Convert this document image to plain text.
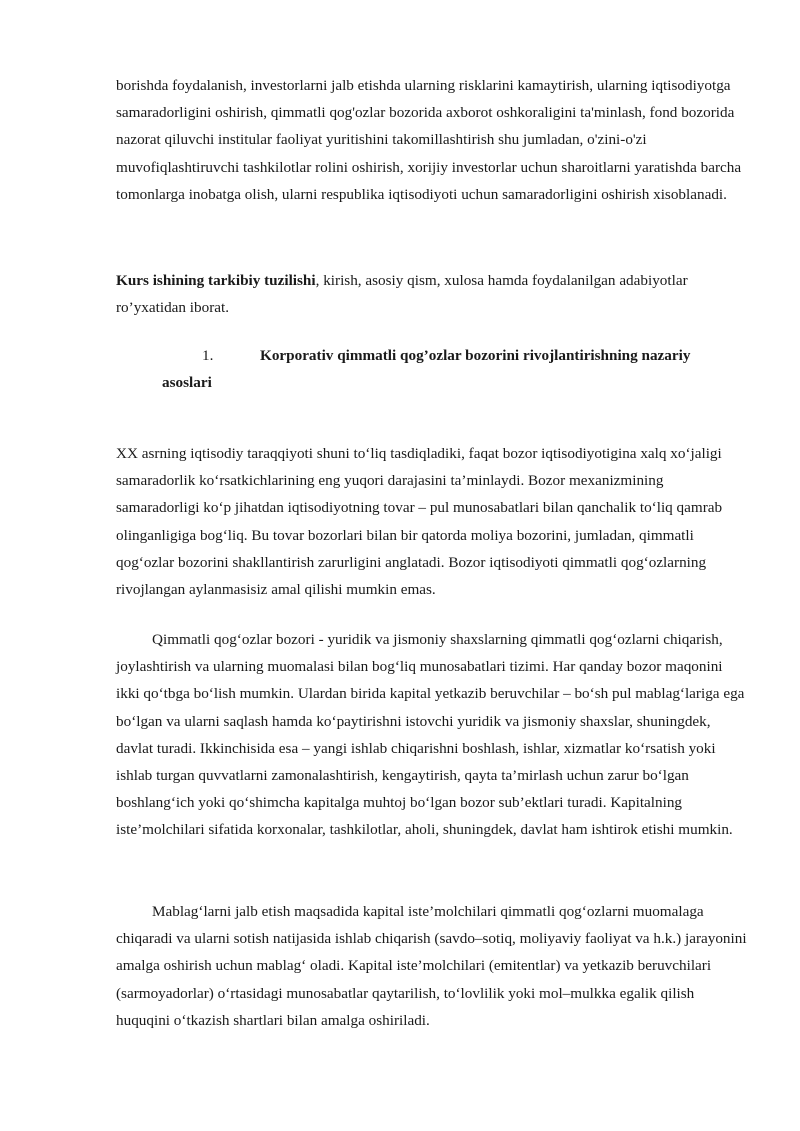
borishda foydalanish, investorlarni jalb etishda ularning risklarini kamaytirish, ularning iqtisodiyotga samaradorligini oshirish, qimmatli qog'ozlar bozorida axborot oshkoraligini ta'minlash, fond bozorida nazorat qiluvchi institular faoliyat yuritishini takomillashtirish shu jumladan, o'zini-o'zi muvofiqlashtiruvchi tashkilotlar rolini oshirish, xorijiy investorlar uchun sharoitlarni yaratishda barcha tomonlarga inobatga olish, ularni respublika iqtisodiyoti uchun samaradorligini oshirish xisoblanadi.

Kurs ishining tarkibiy tuzilishi, kirish, asosiy qism, xulosa hamda foydalanilgan adabiyotlar ro’yxatidan iborat.

1.	Korporativ qimmatli qog’ozlar bozorini rivojlantirishning nazariy
asoslari

XX asrning iqtisodiy taraqqiyoti shuni to‘liq tasdiqladiki, faqat bozor iqtisodiyotigina xalq xo‘jaligi samaradorlik ko‘rsatkichlarining eng yuqori darajasini ta’minlaydi. Bozor mexanizmining samaradorligi ko‘p jihatdan iqtisodiyotning tovar – pul munosabatlari bilan qanchalik to‘liq qamrab olinganligiga bog‘liq. Bu tovar bozorlari bilan bir qatorda moliya bozorini, jumladan, qimmatli qog‘ozlar bozorini shakllantirish zarurligini anglatadi. Bozor iqtisodiyoti qimmatli qog‘ozlarning rivojlangan aylanmasisiz amal qilishi mumkin emas.

Qimmatli qog‘ozlar bozori - yuridik va jismoniy shaxslarning qimmatli qog‘ozlarni chiqarish, joylashtirish va ularning muomalasi bilan bog‘liq munosabatlari tizimi. Har qanday bozor maqonini ikki qo‘tbga bo‘lish mumkin. Ulardan birida kapital yetkazib beruvchilar – bo‘sh pul mablag‘lariga ega bo‘lgan va ularni saqlash hamda ko‘paytirishni istovchi yuridik va jismoniy shaxslar, shuningdek, davlat turadi. Ikkinchisida esa – yangi ishlab chiqarishni boshlash, ishlar, xizmatlar ko‘rsatish yoki ishlab turgan quvvatlarni zamonalashtirish, kengaytirish, qayta ta’mirlash uchun zarur bo‘lgan boshlang‘ich yoki qo‘shimcha kapitalga muhtoj bo‘lgan bozor sub’ektlari turadi. Kapitalning iste’molchilari sifatida korxonalar, tashkilotlar, aholi, shuningdek, davlat ham ishtirok etishi mumkin.

Mablag‘larni jalb etish maqsadida kapital iste’molchilari qimmatli qog‘ozlarni muomalaga chiqaradi va ularni sotish natijasida ishlab chiqarish (savdo–sotiq, moliyaviy faoliyat va h.k.) jarayonini amalga oshirish uchun mablag‘ oladi. Kapital iste’molchilari (emitentlar) va yetkazib beruvchilari (sarmoyadorlar) o‘rtasidagi munosabatlar qaytarilish, to‘lovlilik yoki mol–mulkka egalik qilish huquqini o‘tkazish shartlari bilan amalga oshiriladi.
